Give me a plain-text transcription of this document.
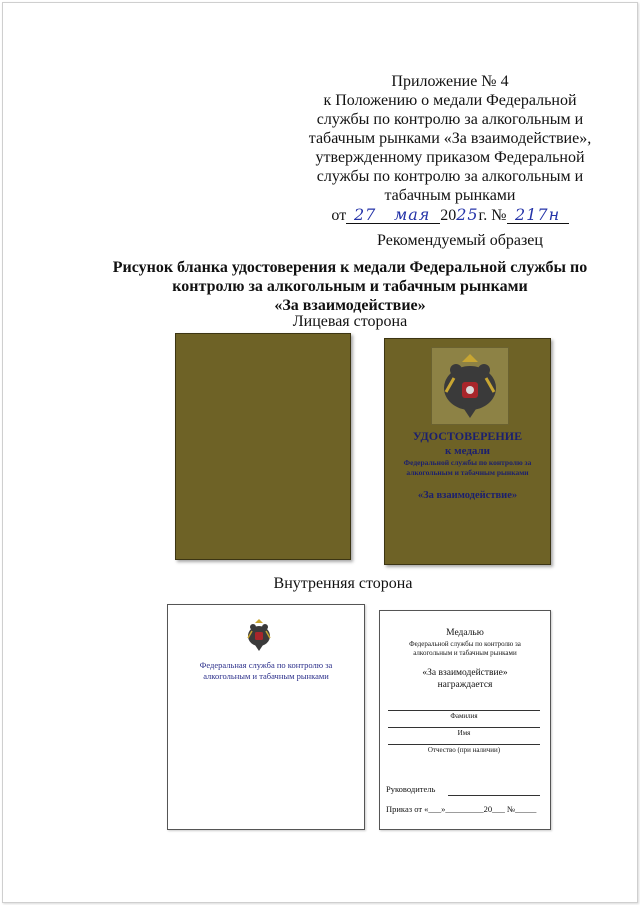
Приложение № 4
к Положению о медали Федеральной
службы по контролю за алкогольным и
табачным рынками «За взаимодействие»,
утвержденному приказом Федеральной
службы по контролю за алкогольным и
табачным рынками
от 27 мая 2025г. № 217н
Рекомендуемый образец
Рисунок бланка удостоверения к медали Федеральной службы по
контролю за алкогольным и табачным рынками
«За взаимодействие»
Лицевая сторона
УДОСТОВЕРЕНИЕ
к медали
Федеральной службы по контролю за
алкогольным и табачным рынками
«За взаимодействие»
Внутренняя сторона
Федеральная служба по контролю за
алкогольным и табачным рынками
Медалью
Федеральной службы по контролю за
алкогольным и табачным рынками
«За взаимодействие»
награждается
Фамилия
Имя
Отчество (при наличии)
Руководитель
Приказ от «___»_________20___ №_____
